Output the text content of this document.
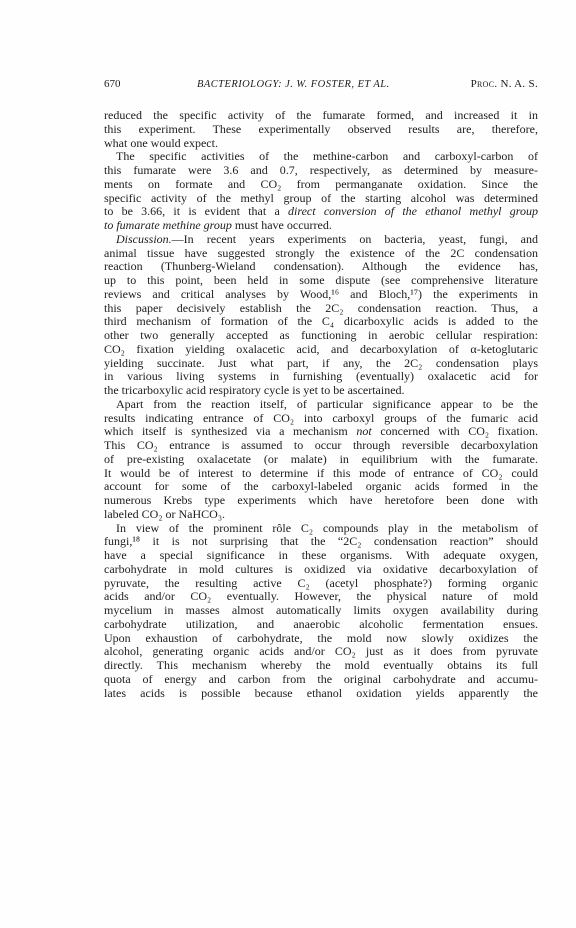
670	BACTERIOLOGY: J. W. FOSTER, ET AL.	Proc. N. A. S.
reduced the specific activity of the fumarate formed, and increased it in
this experiment. These experimentally observed results are, therefore,
what one would expect.
The specific activities of the methine-carbon and carboxyl-carbon of
this fumarate were 3.6 and 0.7, respectively, as determined by measure-
ments on formate and CO₂ from permanganate oxidation. Since the
specific activity of the methyl group of the starting alcohol was determined
to be 3.66, it is evident that a direct conversion of the ethanol methyl group
to fumarate methine group must have occurred.
Discussion.—In recent years experiments on bacteria, yeast, fungi, and
animal tissue have suggested strongly the existence of the 2C condensation
reaction (Thunberg-Wieland condensation). Although the evidence has,
up to this point, been held in some dispute (see comprehensive literature
reviews and critical analyses by Wood,¹⁶ and Bloch,¹⁷) the experiments in
this paper decisively establish the 2C₂ condensation reaction. Thus, a
third mechanism of formation of the C₄ dicarboxylic acids is added to the
other two generally accepted as functioning in aerobic cellular respiration:
CO₂ fixation yielding oxalacetic acid, and decarboxylation of α-ketoglutaric
yielding succinate. Just what part, if any, the 2C₂ condensation plays
in various living systems in furnishing (eventually) oxalacetic acid for
the tricarboxylic acid respiratory cycle is yet to be ascertained.
Apart from the reaction itself, of particular significance appear to be the
results indicating entrance of CO₂ into carboxyl groups of the fumaric acid
which itself is synthesized via a mechanism not concerned with CO₂ fixation.
This CO₂ entrance is assumed to occur through reversible decarboxylation
of pre-existing oxalacetate (or malate) in equilibrium with the fumarate.
It would be of interest to determine if this mode of entrance of CO₂ could
account for some of the carboxyl-labeled organic acids formed in the
numerous Krebs type experiments which have heretofore been done with
labeled CO₂ or NaHCO₃.
In view of the prominent rôle C₂ compounds play in the metabolism of
fungi,¹⁸ it is not surprising that the “2C₂ condensation reaction” should
have a special significance in these organisms. With adequate oxygen,
carbohydrate in mold cultures is oxidized via oxidative decarboxylation of
pyruvate, the resulting active C₂ (acetyl phosphate?) forming organic
acids and/or CO₂ eventually. However, the physical nature of mold
mycelium in masses almost automatically limits oxygen availability during
carbohydrate utilization, and anaerobic alcoholic fermentation ensues.
Upon exhaustion of carbohydrate, the mold now slowly oxidizes the
alcohol, generating organic acids and/or CO₂ just as it does from pyruvate
directly. This mechanism whereby the mold eventually obtains its full
quota of energy and carbon from the original carbohydrate and accumu-
lates acids is possible because ethanol oxidation yields apparently the
